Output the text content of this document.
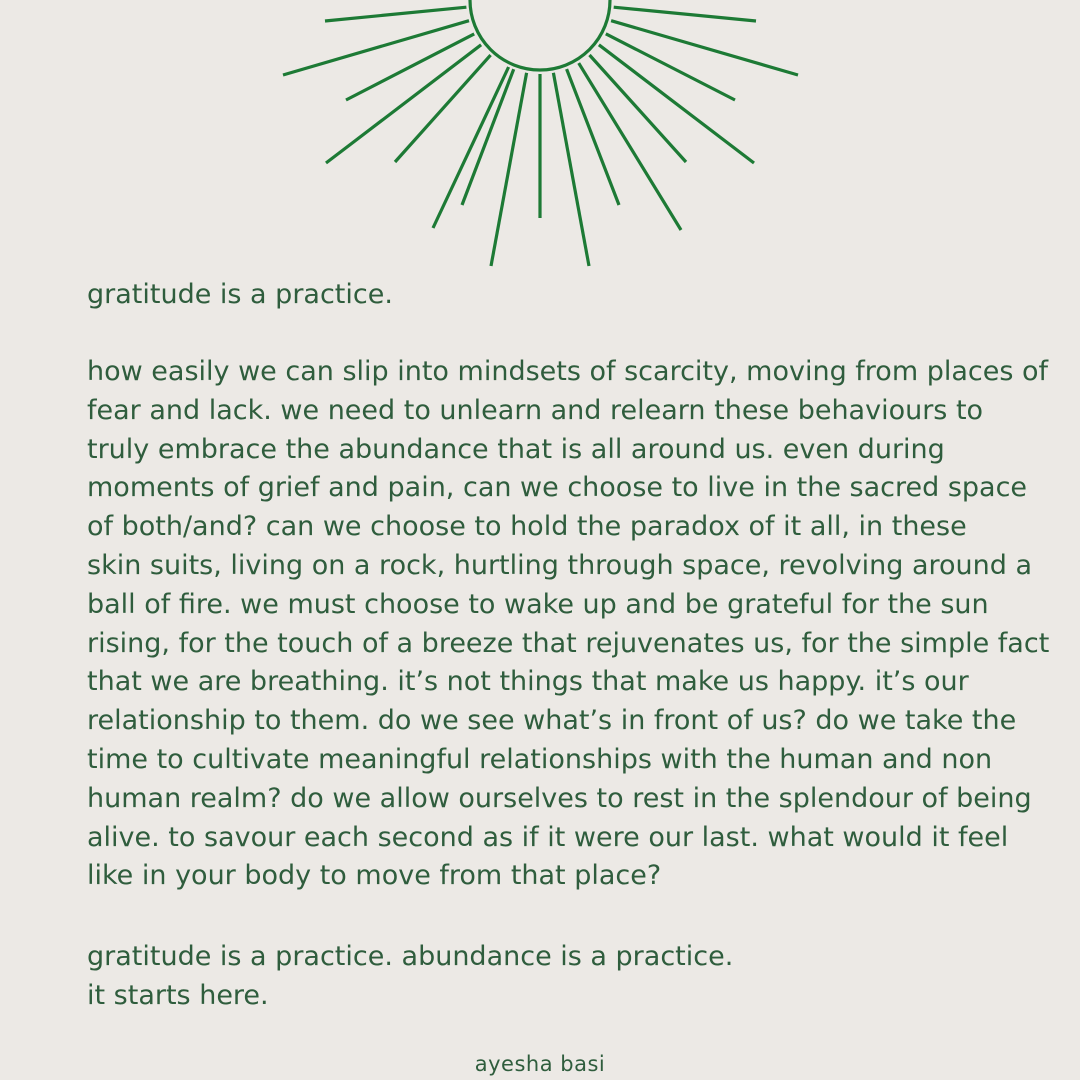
gratitude is a practice.
how easily we can slip into mindsets of scarcity, moving from places of
fear and lack. we need to unlearn and relearn these behaviours to
truly embrace the abundance that is all around us. even during
moments of grief and pain, can we choose to live in the sacred space
of both/and? can we choose to hold the paradox of it all, in these
skin suits, living on a rock, hurtling through space, revolving around a
ball of fire. we must choose to wake up and be grateful for the sun
rising, for the touch of a breeze that rejuvenates us, for the simple fact
that we are breathing. it’s not things that make us happy. it’s our
relationship to them. do we see what’s in front of us? do we take the
time to cultivate meaningful relationships with the human and non
human realm? do we allow ourselves to rest in the splendour of being
alive. to savour each second as if it were our last. what would it feel
like in your body to move from that place?
gratitude is a practice. abundance is a practice.
it starts here.
ayesha basi
